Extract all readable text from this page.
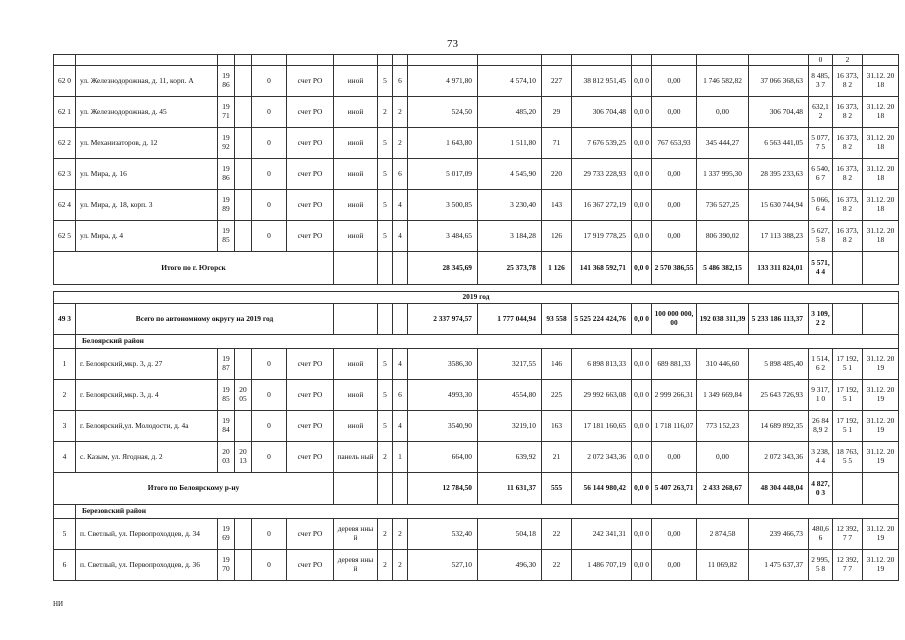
73
																	0	2	
62 0	ул. Железнодорожная, д. 11, корп. А	19 86		0	счет РО	иной	5	6	4 971,80	4 574,10	227	38 812 951,45	0,0 0	0,00	1 746 582,82	37 066 368,63	8 485,3 7	16 373,8 2	31.12. 2018
62 1	ул. Железнодорожная, д. 45	19 71		0	счет РО	иной	2	2	524,50	485,20	29	306 704,48	0,0 0	0,00	0,00	306 704,48	632,1 2	16 373,8 2	31.12. 2018
62 2	ул. Механизаторов, д. 12	19 92		0	счет РО	иной	5	2	1 643,80	1 511,80	71	7 676 539,25	0,0 0	767 653,93	345 444,27	6 563 441,05	5 077,7 5	16 373,8 2	31.12. 2018
62 3	ул. Мира, д. 16	19 86		0	счет РО	иной	5	6	5 017,09	4 545,90	220	29 733 228,93	0,0 0	0,00	1 337 995,30	28 395 233,63	6 540,6 7	16 373,8 2	31.12. 2018
62 4	ул. Мира, д. 18, корп. 3	19 89		0	счет РО	иной	5	4	3 500,85	3 230,40	143	16 367 272,19	0,0 0	0,00	736 527,25	15 630 744,94	5 066,6 4	16 373,8 2	31.12. 2018
62 5	ул. Мира, д. 4	19 85		0	счет РО	иной	5	4	3 484,65	3 184,28	126	17 919 778,25	0,0 0	0,00	806 390,02	17 113 388,23	5 627,5 8	16 373,8 2	31.12. 2018
Итого по г. Югорск									28 345,69	25 373,78	1 126	141 368 592,71	0,0 0	2 570 386,55	5 486 382,15	133 311 824,01	5 571,4 4		

2019 год																			
49 3	Всего по автономному округу на 2019 год								2 337 974,57	1 777 044,94	93 558	5 525 224 424,76	0,0 0	100 000 000,00	192 038 311,39	5 233 186 113,37	3 109,2 2		
	Белоярский район																		
1	г. Белоярский,мкр. 3, д. 27	19 87		0	счет РО	иной	5	4	3586,30	3217,55	146	6 898 813,33	0,0 0	689 881,33	310 446,60	5 898 485,40	1 514,6 2	17 192,5 1	31.12. 2019
2	г. Белоярский,мкр. 3, д. 4	19 85	20 05	0	счет РО	иной	5	6	4993,30	4554,80	225	29 992 663,08	0,0 0	2 999 266,31	1 349 669,84	25 643 726,93	9 317,1 0	17 192,5 1	31.12. 2019
3	г. Белоярский,ул. Молодости, д. 4а	19 84		0	счет РО	иной	5	4	3540,90	3219,10	163	17 181 160,65	0,0 0	1 718 116,07	773 152,23	14 689 892,35	26 848,9 2	17 192,5 1	31.12. 2019
4	с. Казым, ул. Ягодная, д. 2	20 03	20 13	0	счет РО	панель ный	2	1	664,00	639,92	21	2 072 343,36	0,0 0	0,00	0,00	2 072 343,36	3 238,4 4	18 763,5 5	31.12. 2019
Итого по Белоярскому р-ну									12 784,50	11 631,37	555	56 144 980,42	0,0 0	5 407 263,71	2 433 268,67	48 304 448,04	4 827,0 3		
	Березовский район																		
5	п. Светлый, ул. Первопроходцев, д. 34	19 69		0	счет РО	деревя нный	2	2	532,40	504,18	22	242 341,31	0,0 0	0,00	2 874,58	239 466,73	480,6 6	12 392,7 7	31.12. 2019
6	п. Светлый, ул. Первопроходцев, д. 36	19 70		0	счет РО	деревя нный	2	2	527,10	496,30	22	1 486 707,19	0,0 0	0,00	11 069,82	1 475 637,37	2 995,5 8	12 392,7 7	31.12. 2019
НИ
